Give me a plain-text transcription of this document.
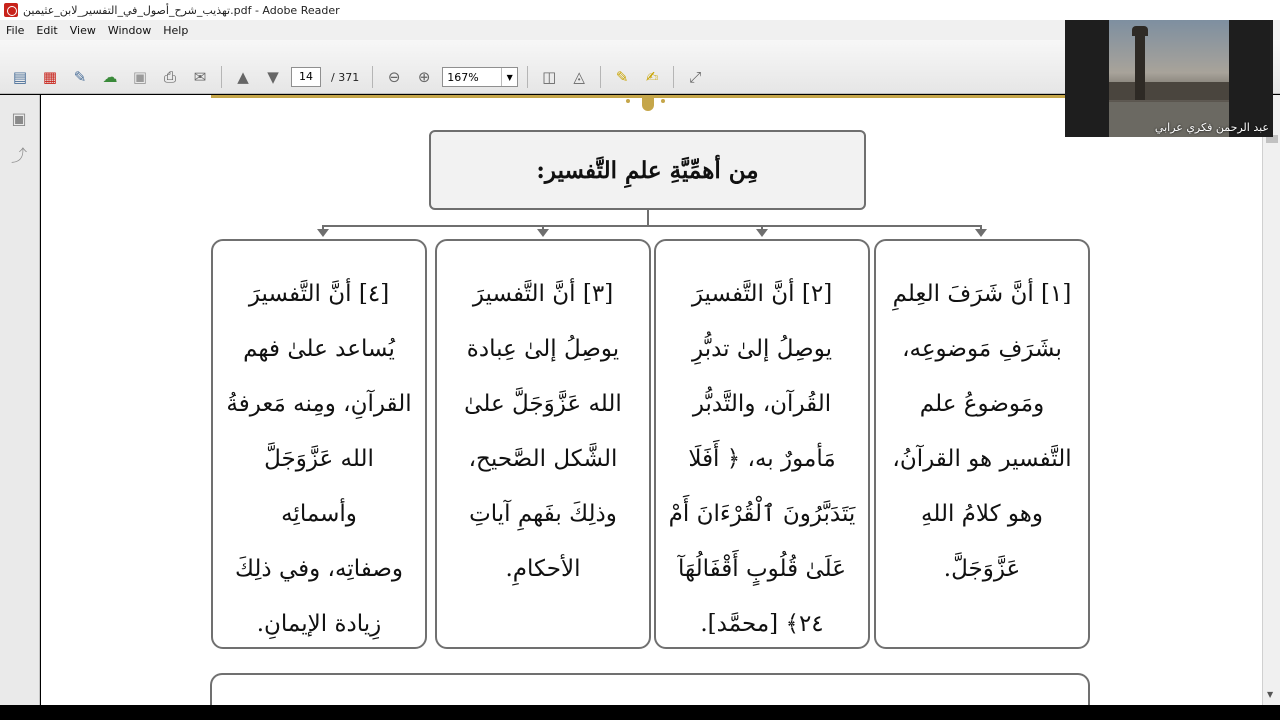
تهذيب_شرح_أصول_في_التفسير_لابن_عثيمين.pdf - Adobe Reader
File	Edit	View	Window	Help
▤	▦	✎	☁	▣	⎙	✉	▲	▼	14	/ 371	⊖	⊕	167%	▼	◫	◬	✎	✍	⤢
▣
⤴
مِن أهمِّيَّةِ علمِ التَّفسير:

[١] أنَّ شَرَفَ العِلمِ
بشَرَفِ مَوضوعِه،
ومَوضوعُ علم
التَّفسير هو القرآنُ،
وهو كلامُ اللهِ عَزَّوَجَلَّ.

[٢] أنَّ التَّفسيرَ
يوصِلُ إلىٰ تدبُّرِ
القُرآن، والتَّدبُّر
مَأمورٌ به، ﴿ أَفَلَا
يَتَدَبَّرُونَ ٱلْقُرْءَانَ أَمْ
عَلَىٰ قُلُوبٍ أَقْفَالُهَآ
٢٤﴾ [محمَّد].

[٣] أنَّ التَّفسيرَ
يوصِلُ إلىٰ عِبادة
الله عَزَّوَجَلَّ علىٰ
الشَّكل الصَّحيح،
وذلِكَ بفَهمِ آياتِ
الأحكامِ.

[٤] أنَّ التَّفسيرَ
يُساعد علىٰ فهم
القرآنِ، ومِنه مَعرفةُ
الله عَزَّوَجَلَّ وأسمائِه
وصفاتِه، وفي ذلِكَ
زِيادة الإيمانِ.

▼
عبد الرحمن فكري عرابي
